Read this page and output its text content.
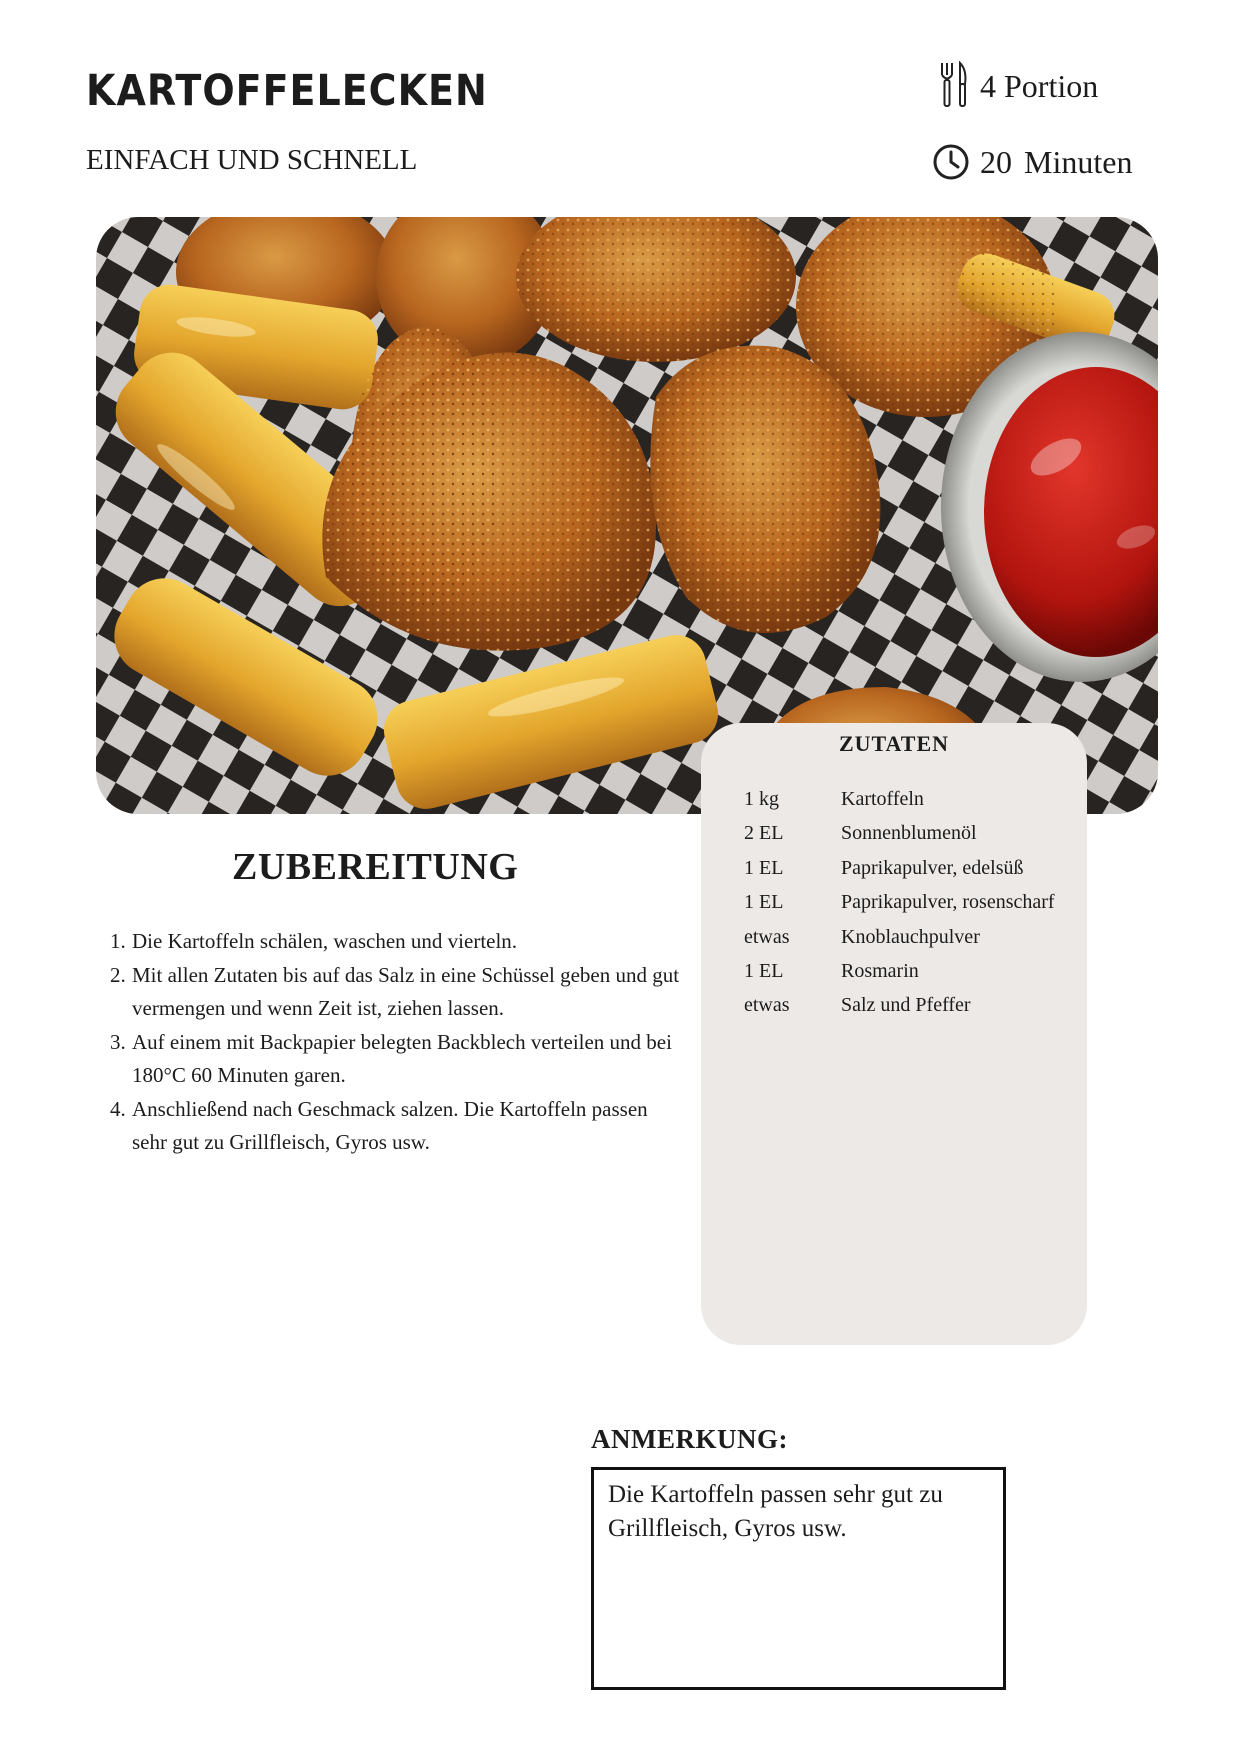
KARTOFFELECKEN
EINFACH UND SCHNELL
4 Portion
20 Minuten
ZUTATEN
1 kg	Kartoffeln
2 EL	Sonnenblumenöl
1 EL	Paprikapulver, edelsüß
1 EL	Paprikapulver, rosenscharf
etwas	Knoblauchpulver
1 EL	Rosmarin
etwas	Salz und Pfeffer
ZUBEREITUNG
1. Die Kartoffeln schälen, waschen und vierteln.
2. Mit allen Zutaten bis auf das Salz in eine Schüssel geben und gut vermengen und wenn Zeit ist, ziehen lassen.
3. Auf einem mit Backpapier belegten Backblech verteilen und bei 180°C 60 Minuten garen.
4. Anschließend nach Geschmack salzen. Die Kartoffeln passen sehr gut zu Grillfleisch, Gyros usw.
ANMERKUNG:
Die Kartoffeln passen sehr gut zu Grillfleisch, Gyros usw.
